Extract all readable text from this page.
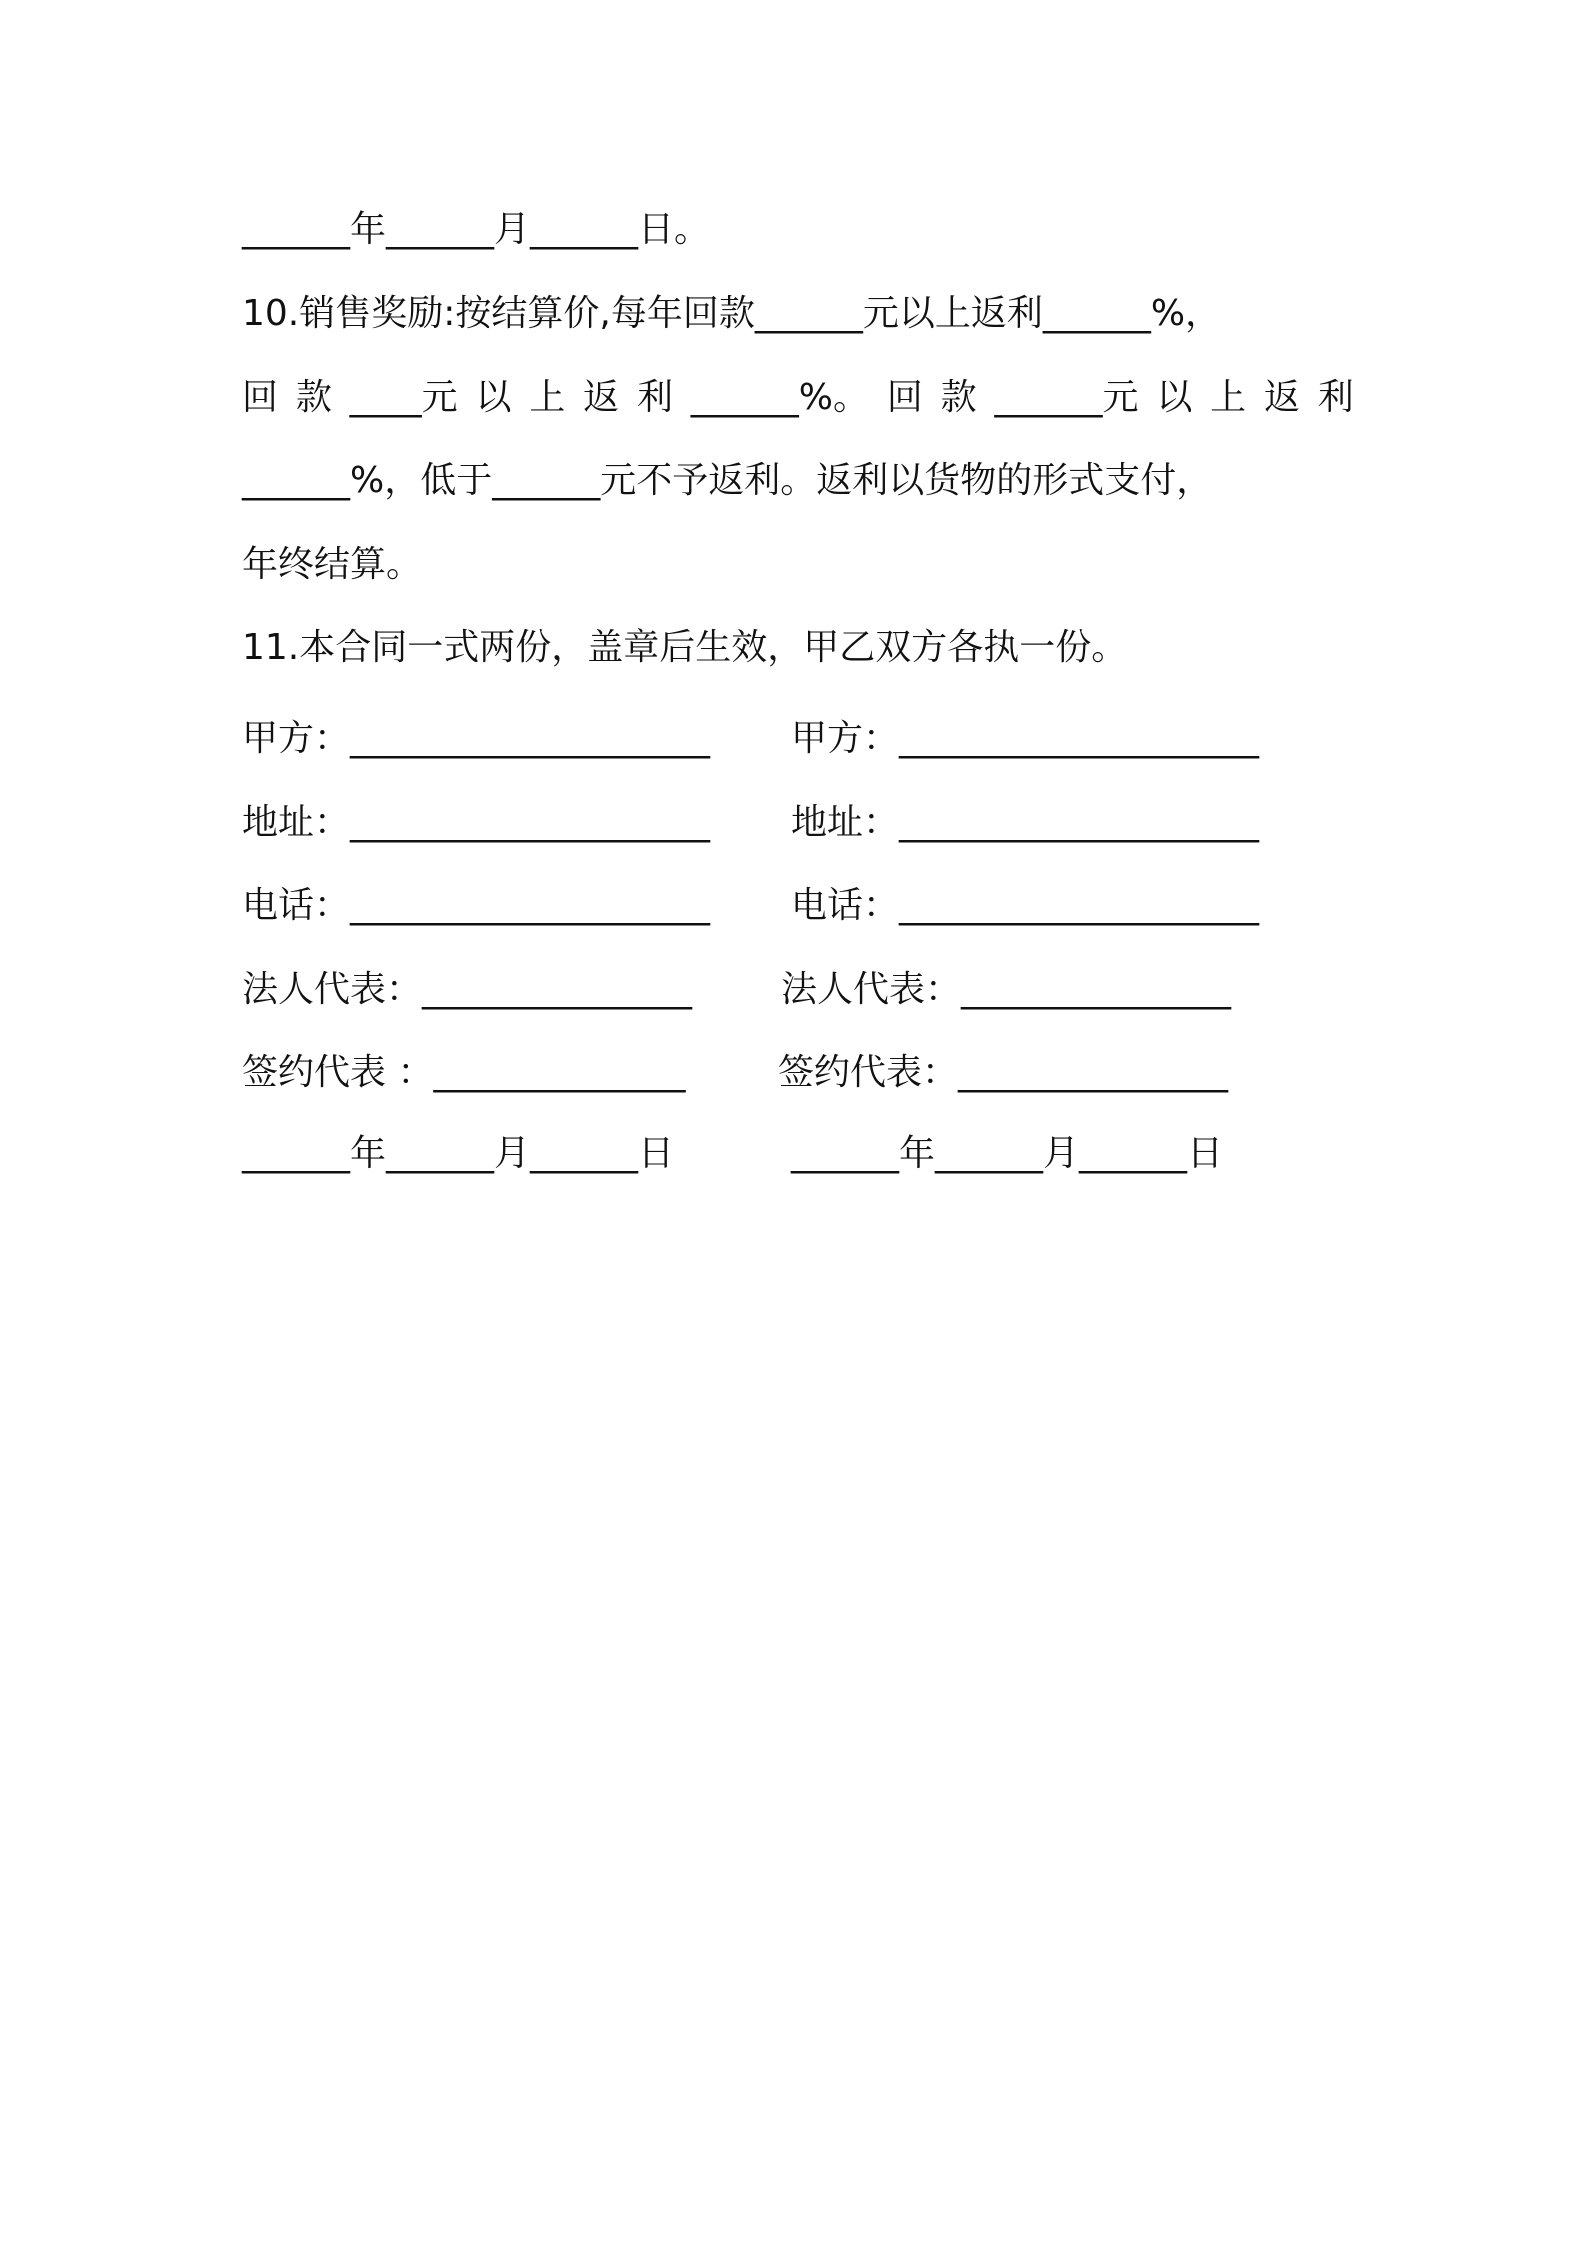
______年______月______日。
10.销售奖励:按结算价,每年回款______元以上返利______%，
回 款 ____元 以 上 返 利 ______%。 回 款 ______元 以 上 返 利
______%，低于______元不予返利。返利以货物的形式支付，
年终结算。
11.本合同一式两份，盖章后生效，甲乙双方各执一份。
甲方：____________________
地址：____________________
电话：____________________
法人代表：_______________
签约代表 ：______________
______年______月______日
甲方：____________________
地址：____________________
电话：____________________
法人代表：_______________
签约代表：_______________
______年______月______日
